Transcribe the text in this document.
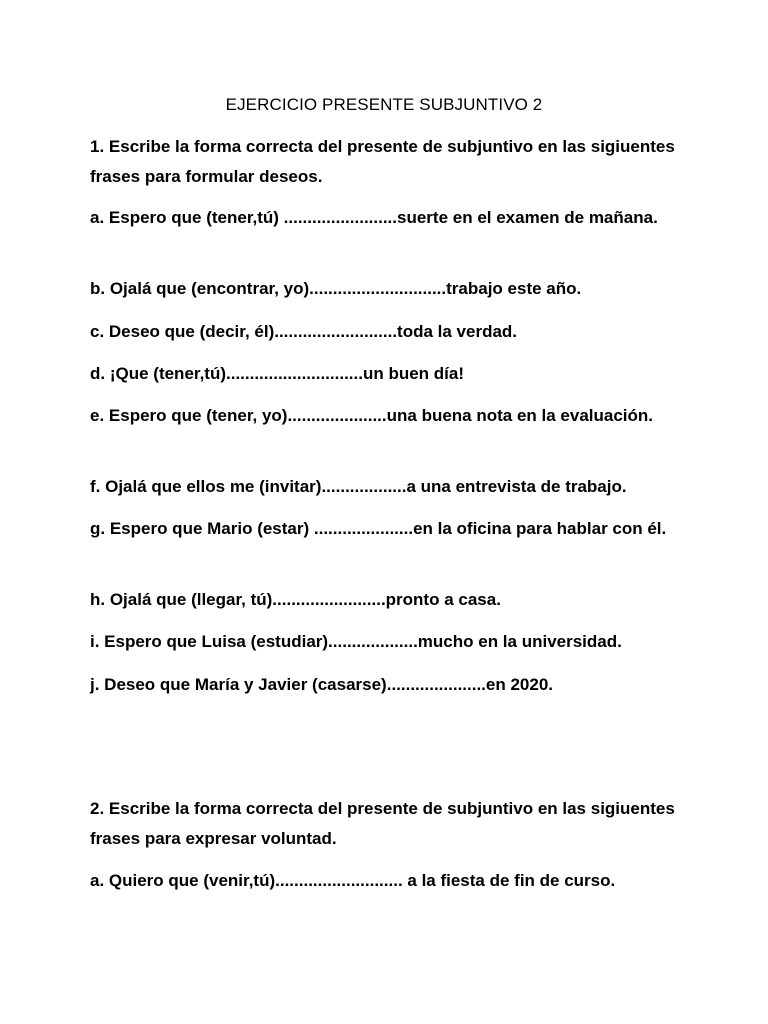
EJERCICIO PRESENTE SUBJUNTIVO 2
1. Escribe la forma correcta del presente de subjuntivo en las sigiuentes frases para formular deseos.
a. Espero que (tener,tú) ........................suerte en el examen de mañana.
b. Ojalá que (encontrar, yo).............................trabajo este año.
c. Deseo que (decir, él)..........................toda la verdad.
d. ¡Que (tener,tú).............................un buen día!
e. Espero que (tener, yo).....................una buena nota en la evaluación.
f. Ojalá que ellos me (invitar)..................a una entrevista de trabajo.
g. Espero que Mario (estar) .....................en la oficina para hablar con él.
h. Ojalá que (llegar, tú)........................pronto a casa.
i. Espero que Luisa (estudiar)...................mucho en la universidad.
j. Deseo que María y Javier (casarse).....................en 2020.
2. Escribe la forma correcta del presente de subjuntivo en las sigiuentes frases para expresar voluntad.
a. Quiero que (venir,tú)........................... a la fiesta de fin de curso.
